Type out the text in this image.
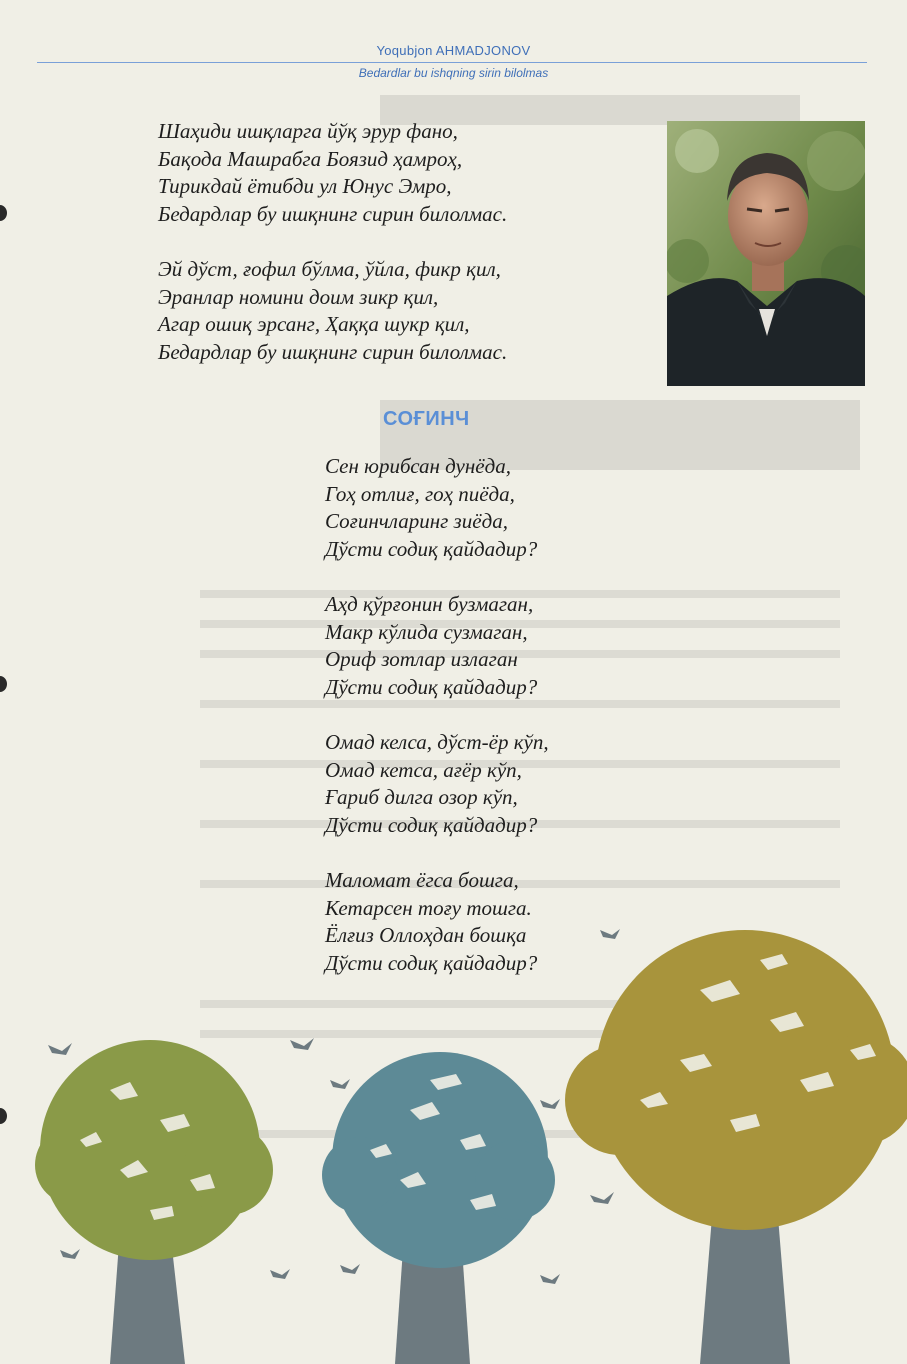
Yoqubjon AHMADJONOV
Bedardlar bu ishqning sirin bilolmas
Шаҳиди ишқларга йўқ эрур фано,
Бақода Машрабга Боязид ҳамроҳ,
Тирикдай ётибди ул Юнус Эмро,
Бедардлар бу ишқнинг сирин билолмас.
Эй дўст, ғофил бўлма, ўйла, фикр қил,
Эранлар номини доим зикр қил,
Агар ошиқ эрсанг, Ҳаққа шукр қил,
Бедардлар бу ишқнинг сирин билолмас.
СОҒИНЧ
Сен юрибсан дунёда,
Гоҳ отлиғ, гоҳ пиёда,
Соғинчларинг зиёда,
Дўсти содиқ қайдадир?
Аҳд қўрғонин бузмаган,
Макр кўлида сузмаган,
Ориф зотлар излаган
Дўсти содиқ қайдадир?
Омад келса, дўст-ёр кўп,
Омад кетса, ағёр кўп,
Ғариб дилга озор кўп,
Дўсти содиқ қайдадир?
Маломат ёгса бошга,
Кетарсен тоғу тошга.
Ёлғиз Оллоҳдан бошқа
Дўсти содиқ қайдадир?
